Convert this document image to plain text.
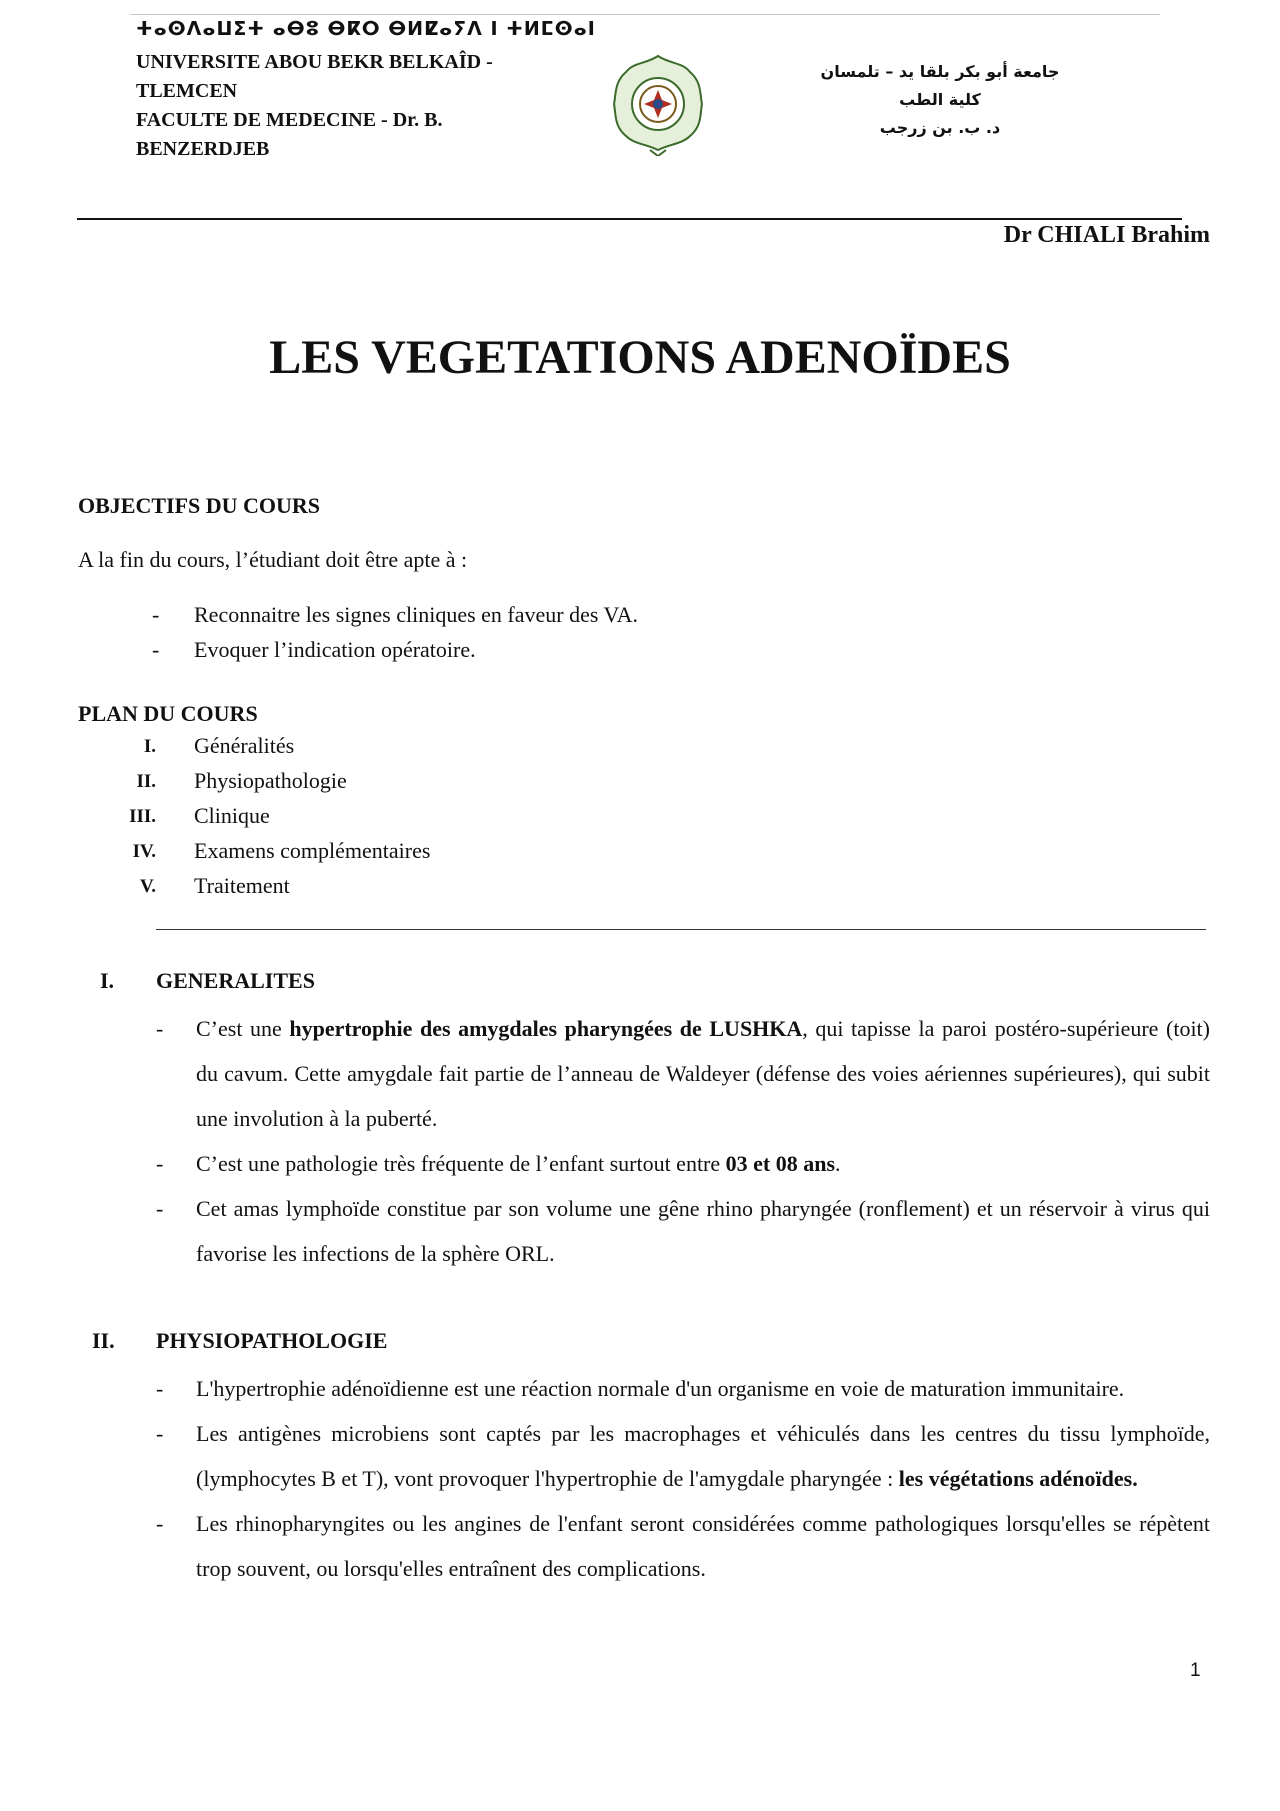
ⵜⴰⵙⴷⴰⵡⵉⵜ ⴰⴱⵓ ⴱⴽⵔ ⴱⵍⵇⴰⵢⴷ ⵏ ⵜⵍⵎⵙⴰⵏ
UNIVERSITE ABOU BEKR BELKAÎD -
TLEMCEN
FACULTE DE MEDECINE - Dr. B.
BENZERDJEB
جامعة أبو بكر بلقا يد – تلمسان
كلية الطب
د. ب. بن زرجب
Dr CHIALI Brahim
LES VEGETATIONS ADENOÏDES
OBJECTIFS DU COURS
A la fin du cours, l’étudiant doit être apte à :
- Reconnaitre les signes cliniques en faveur des VA.
- Evoquer l’indication opératoire.
PLAN DU COURS
I. Généralités
II. Physiopathologie
III. Clinique
IV. Examens complémentaires
V. Traitement
I.	GENERALITES
- C’est une hypertrophie des amygdales pharyngées de LUSHKA, qui tapisse la paroi postéro-supérieure (toit) du cavum. Cette amygdale fait partie de l’anneau de Waldeyer (défense des voies aériennes supérieures), qui subit une involution à la puberté.
- C’est une pathologie très fréquente de l’enfant surtout entre 03 et 08 ans.
- Cet amas lymphoïde constitue par son volume une gêne rhino pharyngée (ronflement) et un réservoir à virus qui favorise les infections de la sphère ORL.
II.	PHYSIOPATHOLOGIE
- L'hypertrophie adénoïdienne est une réaction normale d'un organisme en voie de maturation immunitaire.
- Les antigènes microbiens sont captés par les macrophages et véhiculés dans les centres du tissu lymphoïde, (lymphocytes B et T), vont provoquer l'hypertrophie de l'amygdale pharyngée : les végétations adénoïdes.
- Les rhinopharyngites ou les angines de l'enfant seront considérées comme pathologiques lorsqu'elles se répètent trop souvent, ou lorsqu'elles entraînent des complications.
1
